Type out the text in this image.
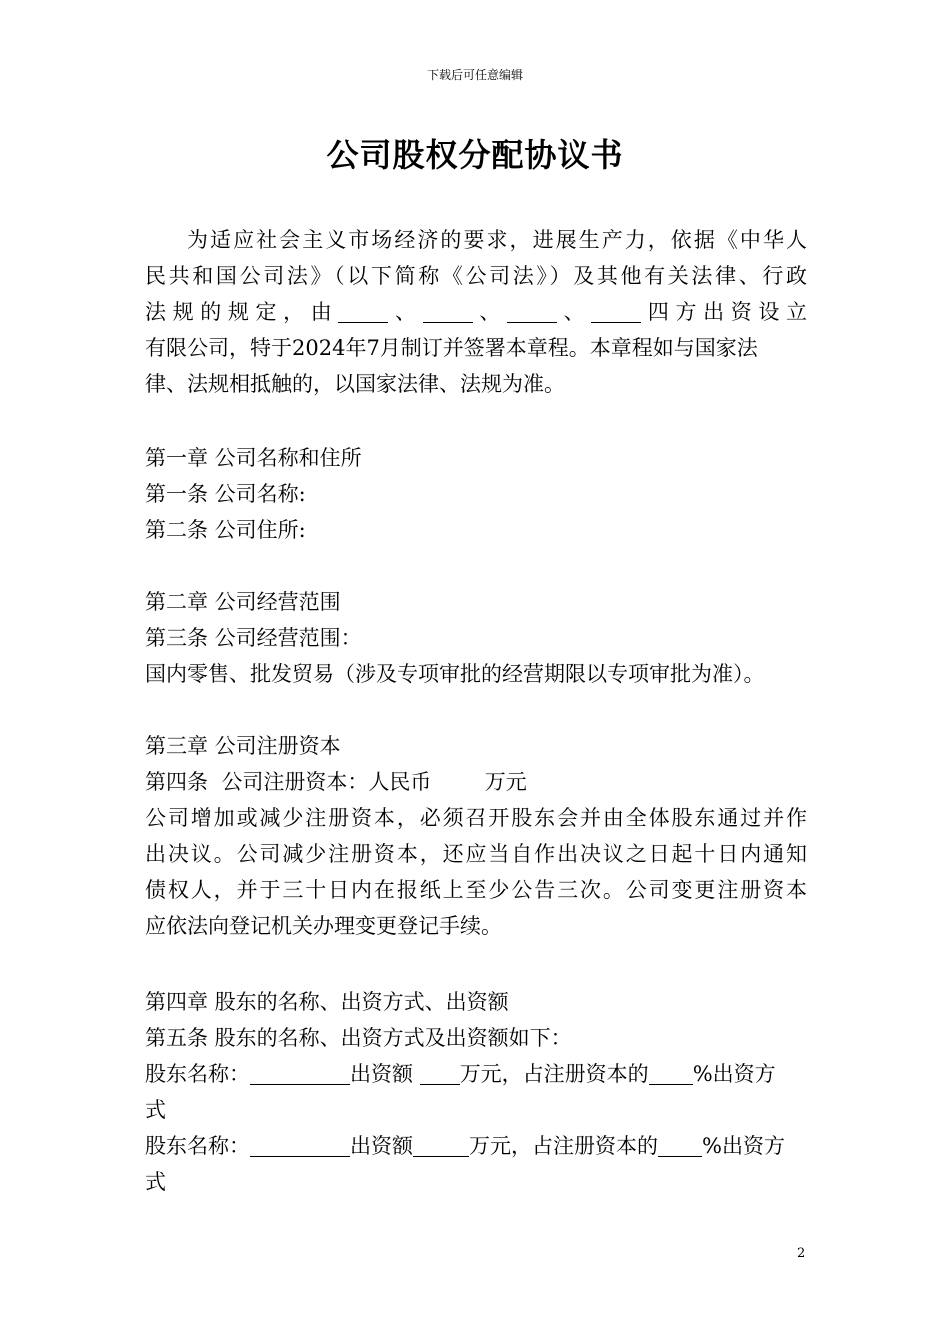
下载后可任意编辑
公司股权分配协议书

为适应社会主义市场经济的要求，进展生产力，依据《中华人

民共和国公司法》（以下简称《公司法》）及其他有关法律、行政

法规的规定，由 、 、 、 四方出资设立

有限公司，特于2024年7月制订并签署本章程。本章程如与国家法

律、法规相抵触的，以国家法律、法规为准。

第一章 公司名称和住所

第一条 公司名称:

第二条 公司住所:

第二章 公司经营范围

第三条 公司经营范围：

国内零售、批发贸易（涉及专项审批的经营期限以专项审批为准）。

第三章 公司注册资本

第四条  公司注册资本：人民币        万元

公司增加或减少注册资本，必须召开股东会并由全体股东通过并作

出决议。公司减少注册资本，还应当自作出决议之日起十日内通知

债权人，并于三十日内在报纸上至少公告三次。公司变更注册资本

应依法向登记机关办理变更登记手续。

第四章 股东的名称、出资方式、出资额

第五条 股东的名称、出资方式及出资额如下：

股东名称：	出资额 万元，占注册资本的 %出资方

式

股东名称：	出资额	万元，占注册资本的 %出资方

式

2
